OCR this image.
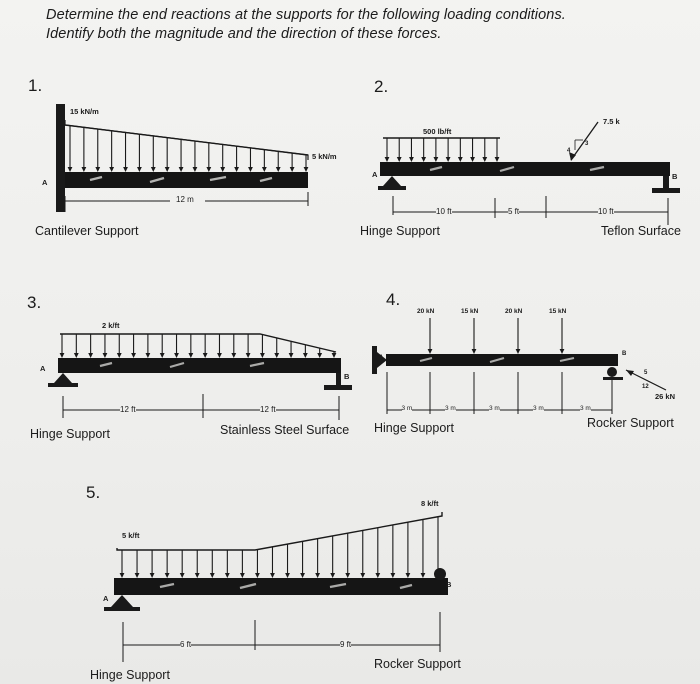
Determine the end reactions at the supports for the following loading conditions.
Identify both the magnitude and the direction of these forces.
1.
15 kN/m
5 kN/m
A
12 m
Cantilever Support
2.
500 lb/ft
7.5 k
4
3
A	B
10 ft	5 ft	10 ft
Hinge Support	Teflon Surface
3.
2 k/ft
A
B
12 ft	12 ft
Hinge Support	Stainless Steel Surface
4.
20 kN	15 kN	20 kN	15 kN
3 m	3 m	3 m	3 m	3 m
26 kN
5
12
A
B
Hinge Support	Rocker Support
5.
5 k/ft
8 k/ft
A
B
6 ft	9 ft
Hinge Support
Rocker Support
